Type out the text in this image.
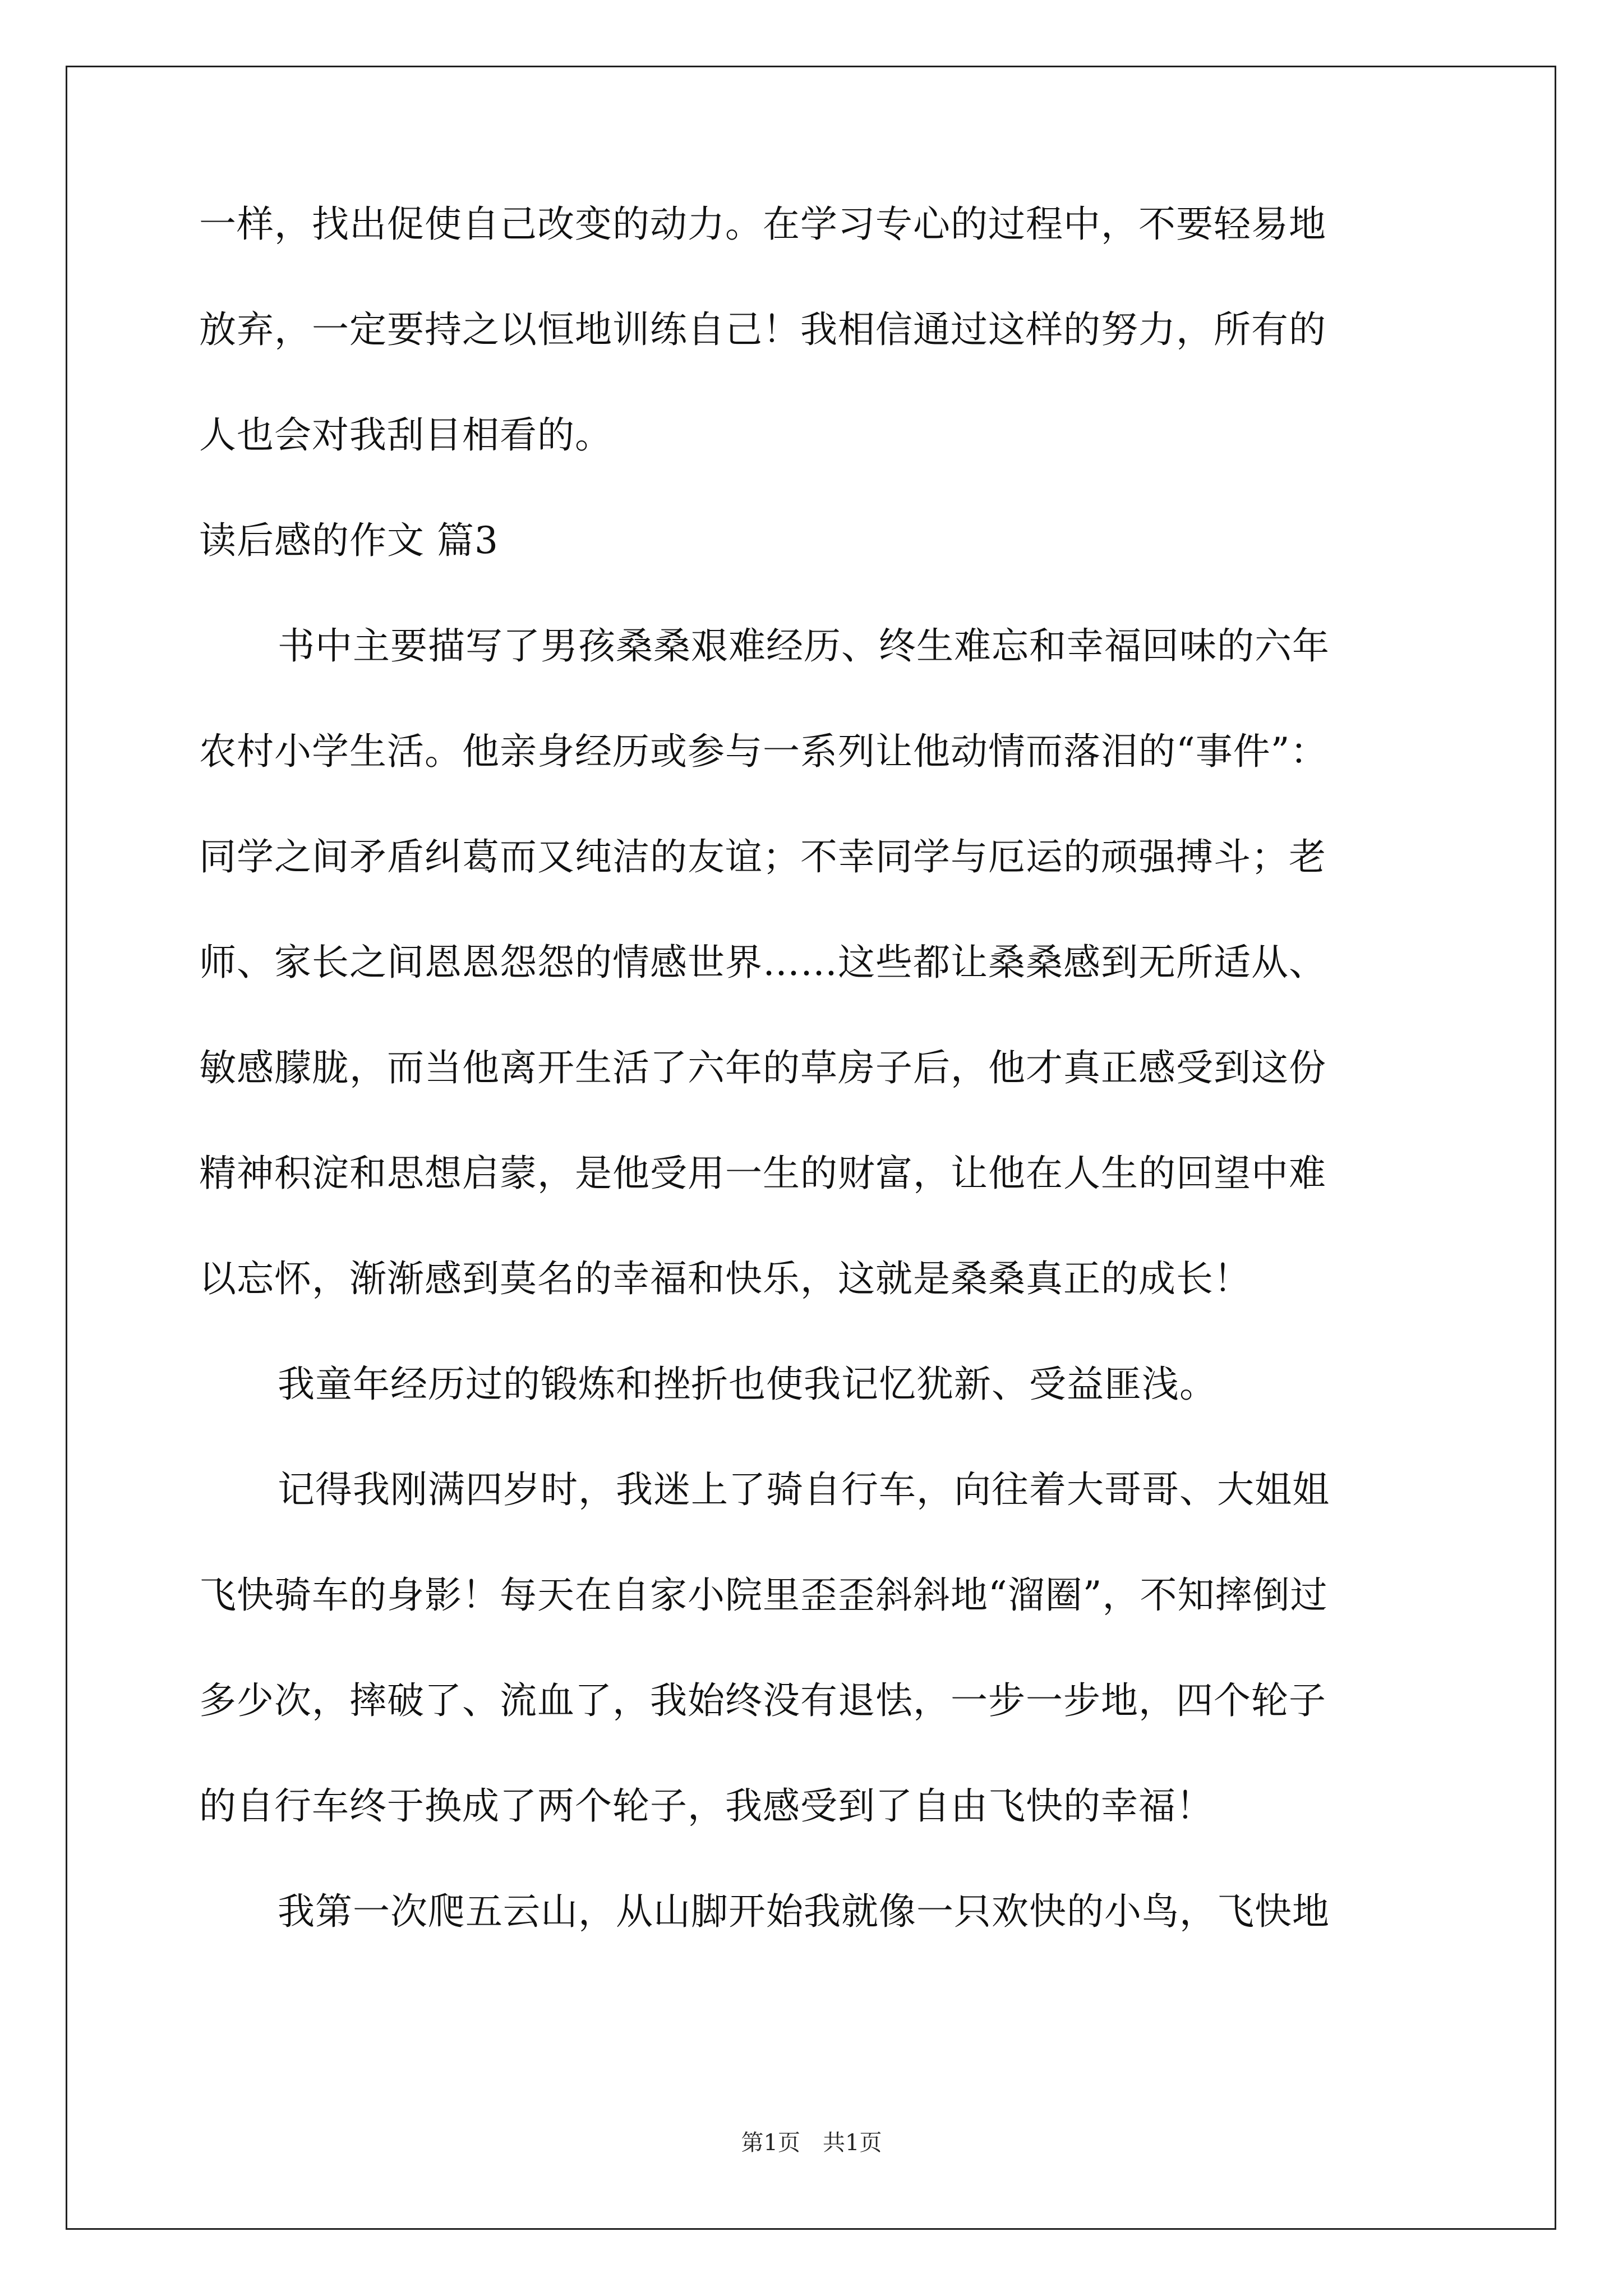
一样，找出促使自己改变的动力。在学习专心的过程中，不要轻易地
放弃，一定要持之以恒地训练自己！我相信通过这样的努力，所有的
人也会对我刮目相看的。
读后感的作文 篇3
书中主要描写了男孩桑桑艰难经历、终生难忘和幸福回味的六年
农村小学生活。他亲身经历或参与一系列让他动情而落泪的“事件”：
同学之间矛盾纠葛而又纯洁的友谊；不幸同学与厄运的顽强搏斗；老
师、家长之间恩恩怨怨的情感世界……这些都让桑桑感到无所适从、
敏感朦胧，而当他离开生活了六年的草房子后，他才真正感受到这份
精神积淀和思想启蒙，是他受用一生的财富，让他在人生的回望中难
以忘怀，渐渐感到莫名的幸福和快乐，这就是桑桑真正的成长！
我童年经历过的锻炼和挫折也使我记忆犹新、受益匪浅。
记得我刚满四岁时，我迷上了骑自行车，向往着大哥哥、大姐姐
飞快骑车的身影！每天在自家小院里歪歪斜斜地“溜圈”，不知摔倒过
多少次，摔破了、流血了，我始终没有退怯，一步一步地，四个轮子
的自行车终于换成了两个轮子，我感受到了自由飞快的幸福！
我第一次爬五云山，从山脚开始我就像一只欢快的小鸟，飞快地
第1页 共1页
